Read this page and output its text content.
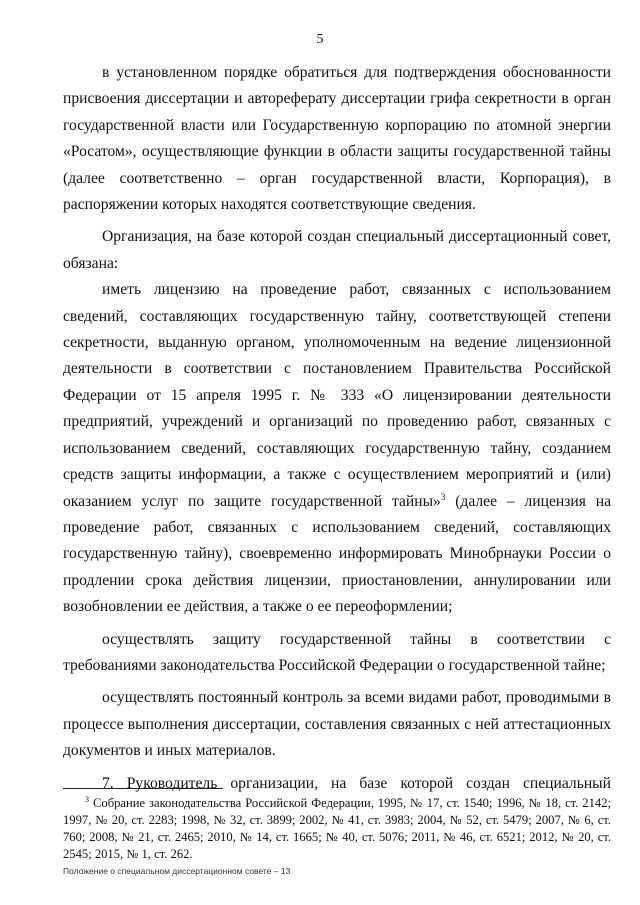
5

в установленном порядке обратиться для подтверждения обоснованности присвоения диссертации и автореферату диссертации грифа секретности в орган государственной власти или Государственную корпорацию по атомной энергии «Росатом», осуществляющие функции в области защиты государственной тайны (далее соответственно – орган государственной власти, Корпорация), в распоряжении которых находятся соответствующие сведения.

Организация, на базе которой создан специальный диссертационный совет, обязана:

иметь лицензию на проведение работ, связанных с использованием сведений, составляющих государственную тайну, соответствующей степени секретности, выданную органом, уполномоченным на ведение лицензионной деятельности в соответствии с постановлением Правительства Российской Федерации от 15 апреля 1995 г. № 333 «О лицензировании деятельности предприятий, учреждений и организаций по проведению работ, связанных с использованием сведений, составляющих государственную тайну, созданием средств защиты информации, а также с осуществлением мероприятий и (или) оказанием услуг по защите государственной тайны»$^3$ (далее – лицензия на проведение работ, связанных с использованием сведений, составляющих государственную тайну), своевременно информировать Минобрнауки России о продлении срока действия лицензии, приостановлении, аннулировании или возобновлении ее действия, а также о ее переоформлении;

осуществлять защиту государственной тайны в соответствии с требованиями законодательства Российской Федерации о государственной тайне;

осуществлять постоянный контроль за всеми видами работ, проводимыми в процессе выполнения диссертации, составления связанных с ней аттестационных документов и иных материалов.

7. Руководитель организации, на базе которой создан специальный

$^3$ Собрание законодательства Российской Федерации, 1995, № 17, ст. 1540; 1996, № 18, ст. 2142; 1997, № 20, ст. 2283; 1998, № 32, ст. 3899; 2002, № 41, ст. 3983; 2004, № 52, ст. 5479; 2007, № 6, ст. 760; 2008, № 21, ст. 2465; 2010, № 14, ст. 1665; № 40, ст. 5076; 2011, № 46, ст. 6521; 2012, № 20, ст. 2545; 2015, № 1, ст. 262.
Положение о специальном диссертационном совете – 13
